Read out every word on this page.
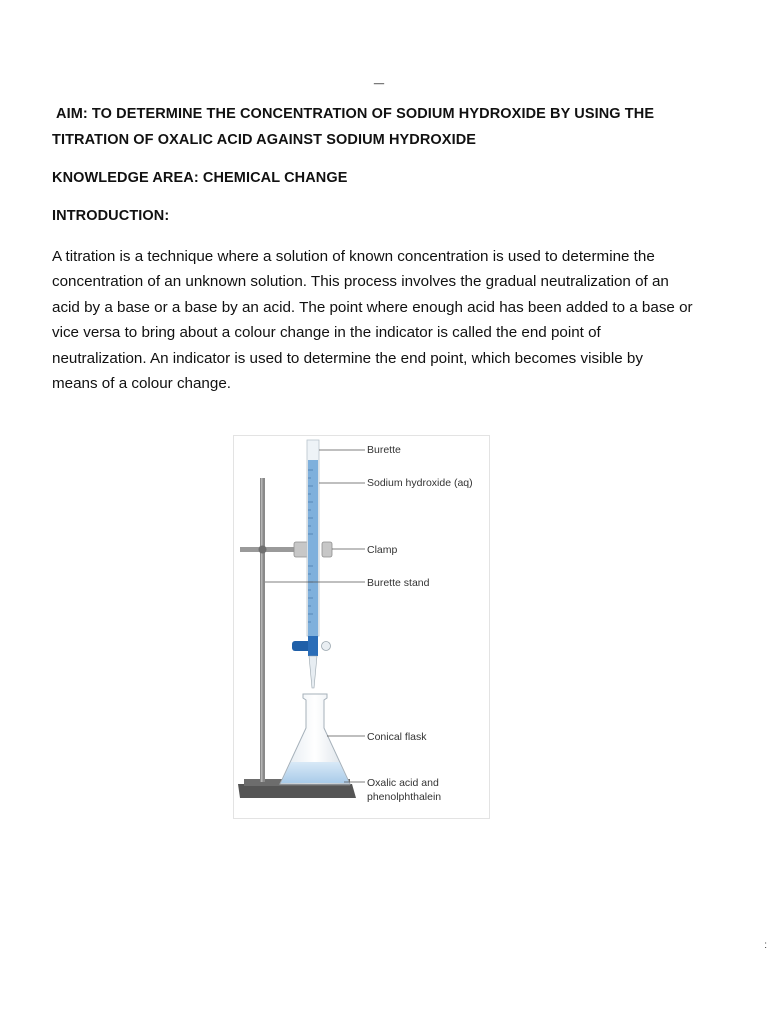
_
AIM: TO DETERMINE THE CONCENTRATION OF SODIUM HYDROXIDE BY USING THE
TITRATION OF OXALIC ACID AGAINST SODIUM HYDROXIDE
KNOWLEDGE AREA: CHEMICAL CHANGE
INTRODUCTION:
A titration is a technique where a solution of known concentration is used to determine the
concentration of an unknown solution. This process involves the gradual neutralization of an
acid by a base or a base by an acid. The point where enough acid has been added to a base or
vice versa to bring about a colour change in the indicator is called the end point of
neutralization. An indicator is used to determine the end point, which becomes visible by
means of a colour change.
Burette
Sodium hydroxide (aq)
Clamp
Burette stand
Conical flask
Oxalic acid and
phenolphthalein
:
